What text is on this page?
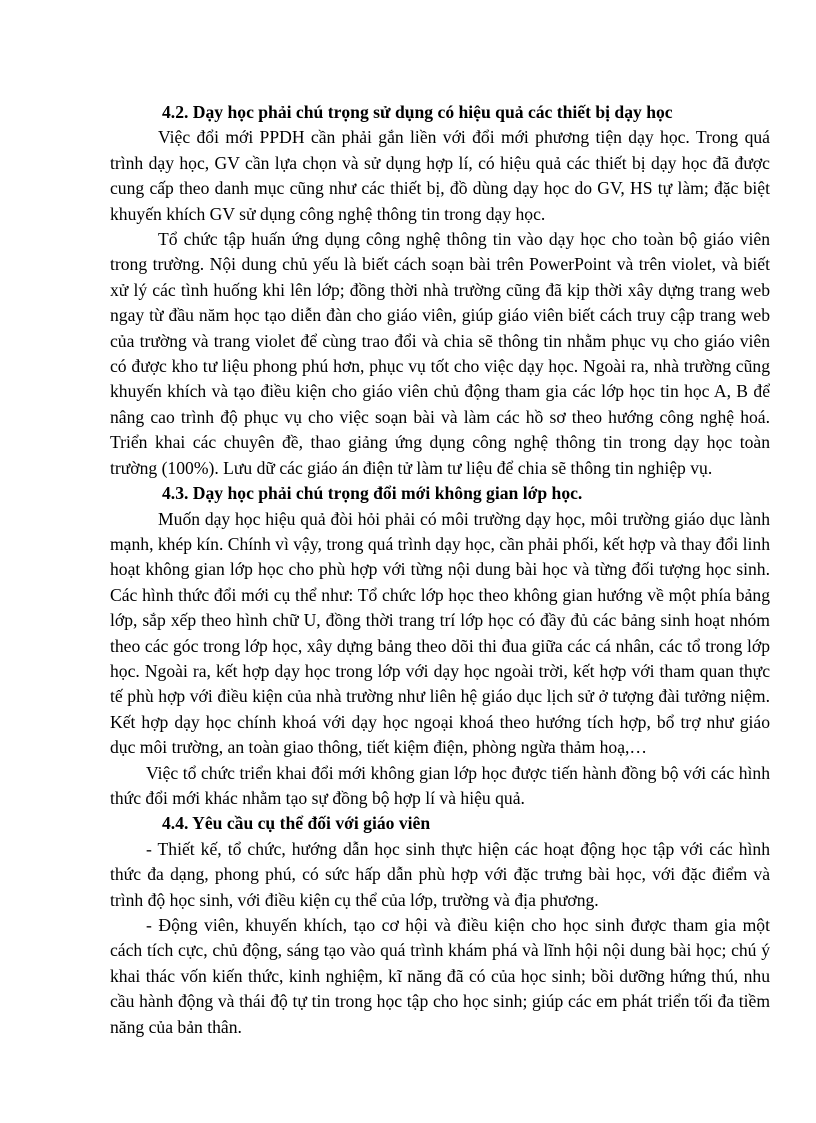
4.2. Dạy học phải chú trọng sử dụng có hiệu quả các thiết bị dạy học

Việc đổi mới PPDH cần phải gắn liền với đổi mới phương tiện dạy học. Trong quá trình dạy học, GV cần lựa chọn và sử dụng hợp lí, có hiệu quả các thiết bị dạy học đã được cung cấp theo danh mục cũng như các thiết bị, đồ dùng dạy học do GV, HS tự làm; đặc biệt khuyến khích GV sử dụng công nghệ thông tin trong dạy học.

Tổ chức tập huấn ứng dụng công nghệ thông tin vào dạy học cho toàn bộ giáo viên trong trường. Nội dung chủ yếu là biết cách soạn bài trên PowerPoint và trên violet, và biết xử lý các tình huống khi lên lớp; đồng thời nhà trường cũng đã kịp thời xây dựng trang web ngay từ đầu năm học tạo diễn đàn cho giáo viên, giúp giáo viên biết cách truy cập trang web của trường và trang violet để cùng trao đổi và chia sẽ thông tin nhằm phục vụ cho giáo viên có được kho tư liệu phong phú hơn, phục vụ tốt cho việc dạy học. Ngoài ra, nhà trường cũng khuyến khích và tạo điều kiện cho giáo viên chủ động tham gia các lớp học tin học A, B để nâng cao trình độ phục vụ cho việc soạn bài và làm các hồ sơ theo hướng công nghệ hoá. Triển khai các chuyên đề, thao giảng ứng dụng công nghệ thông tin trong dạy học toàn trường (100%). Lưu dữ các giáo án điện tử làm tư liệu để chia sẽ thông tin nghiệp vụ.

4.3. Dạy học phải chú trọng đổi mới không gian lớp học.

Muốn dạy học hiệu quả đòi hỏi phải có môi trường dạy học, môi trường giáo dục lành mạnh, khép kín. Chính vì vậy, trong quá trình dạy học, cần phải phối, kết hợp và thay đổi linh hoạt không gian lớp học cho phù hợp với từng nội dung bài học và từng đối tượng học sinh. Các hình thức đổi mới cụ thể như: Tổ chức lớp học theo không gian hướng về một phía bảng lớp, sắp xếp theo hình chữ U, đồng thời trang trí lớp học có đầy đủ các bảng sinh hoạt nhóm theo các góc trong lớp học, xây dựng bảng theo dõi thi đua giữa các cá nhân, các tổ trong lớp học. Ngoài ra, kết hợp dạy học trong lớp với dạy học ngoài trời, kết hợp với tham quan thực tế phù hợp với điều kiện của nhà trường như liên hệ giáo dục lịch sử ở tượng đài tưởng niệm. Kết hợp dạy học chính khoá với dạy học ngoại khoá theo hướng tích hợp, bổ trợ như giáo dục môi trường, an toàn giao thông, tiết kiệm điện, phòng ngừa thảm hoạ,…

Việc tổ chức triển khai đổi mới không gian lớp học được tiến hành đồng bộ với các hình thức đổi mới khác nhằm tạo sự đồng bộ hợp lí và hiệu quả.

4.4. Yêu cầu cụ thể đối với giáo viên

- Thiết kế, tổ chức, hướng dẫn học sinh thực hiện các hoạt động học tập với các hình thức đa dạng, phong phú, có sức hấp dẫn phù hợp với đặc trưng bài học, với đặc điểm và trình độ học sinh, với điều kiện cụ thể của lớp, trường và địa phương.

- Động viên, khuyến khích, tạo cơ hội và điều kiện cho học sinh được tham gia một cách tích cực, chủ động, sáng tạo vào quá trình khám phá và lĩnh hội nội dung bài học; chú ý khai thác vốn kiến thức, kinh nghiệm, kĩ năng đã có của học sinh; bồi dưỡng hứng thú, nhu cầu hành động và thái độ tự tin trong học tập cho học sinh; giúp các em phát triển tối đa tiềm năng của bản thân.
